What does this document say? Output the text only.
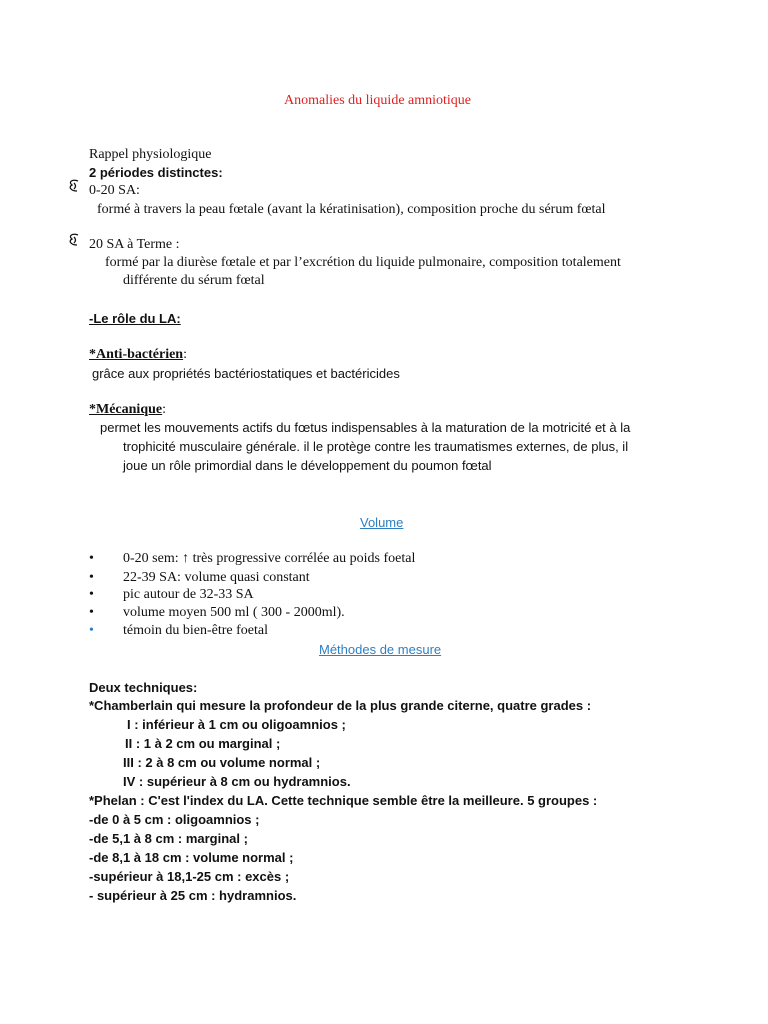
Anomalies du liquide amniotique
Rappel physiologique
2 périodes distinctes:
0-20 SA:
formé à travers la peau fœtale (avant la kératinisation), composition proche du sérum fœtal
20 SA à Terme :
formé par la diurèse fœtale et par l’excrétion du liquide pulmonaire, composition totalement
différente du sérum fœtal
-Le rôle du LA:
*Anti-bactérien:
grâce aux propriétés bactériostatiques et bactéricides
*Mécanique:
permet les mouvements actifs du fœtus indispensables à la maturation de la motricité et à la
trophicité musculaire générale. il le protège contre les traumatismes externes, de plus, il
joue un rôle primordial dans le développement du poumon fœtal
Volume
• 0-20 sem: ↑ très progressive corrélée au poids foetal
• 22-39 SA: volume quasi constant
• pic autour de 32-33 SA
• volume moyen 500 ml ( 300 - 2000ml).
• témoin du bien-être foetal
Méthodes de mesure
Deux techniques:
*Chamberlain qui mesure la profondeur de la plus grande citerne, quatre grades :
I : inférieur à 1 cm ou oligoamnios ;
II : 1 à 2 cm ou marginal ;
III : 2 à 8 cm ou volume normal ;
IV : supérieur à 8 cm ou hydramnios.
*Phelan : C'est l'index du LA. Cette technique semble être la meilleure. 5 groupes :
-de 0 à 5 cm : oligoamnios ;
-de 5,1 à 8 cm : marginal ;
-de 8,1 à 18 cm : volume normal ;
-supérieur à 18,1-25 cm : excès ;
- supérieur à 25 cm : hydramnios.
